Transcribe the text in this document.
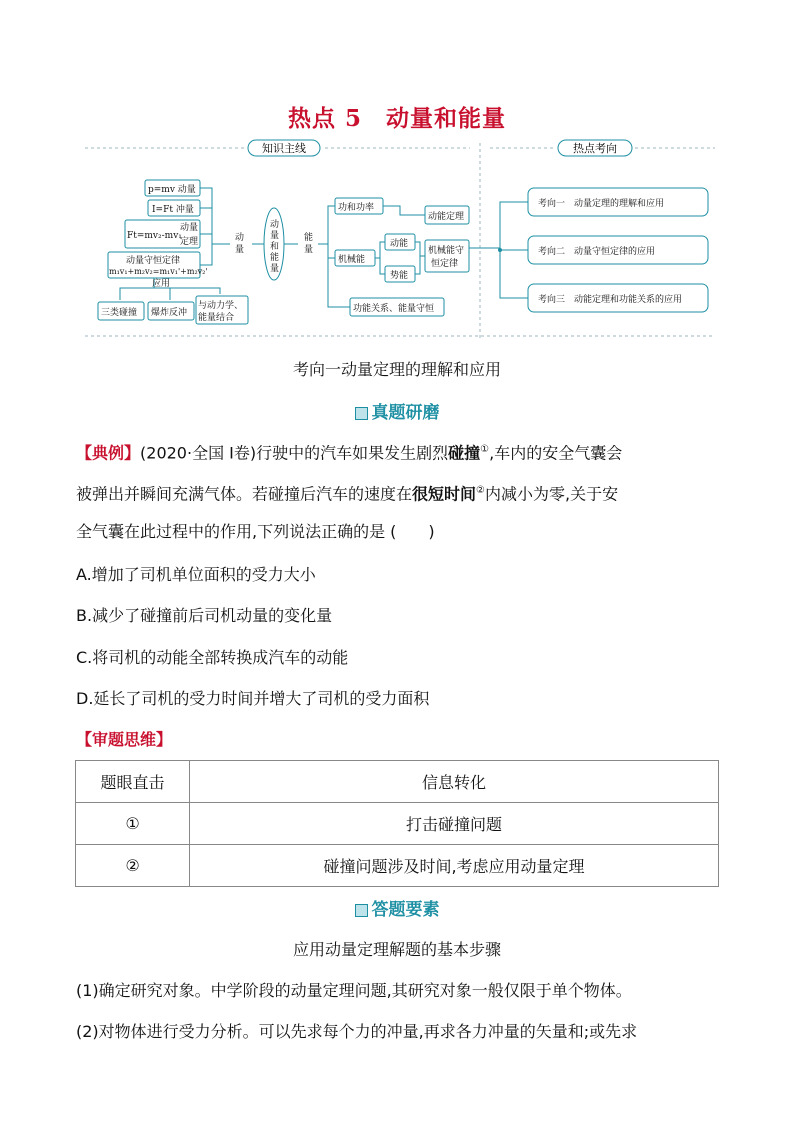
热点 5　动量和能量
知识主线	热点考向
p=mv 动量
I=Ft 冲量
Ft=mv₂-mv₁
动量
定理
动量守恒定律
m₁v₁+m₂v₂=m₁v₁'+m₂v₂'
应用
三类碰撞 爆炸反冲
与动力学、
能量结合
动
量
动
量
和
能
量
能
量
功和功率
机械能
动能
势能
功能关系、能量守恒
动能定理
机械能守
恒定律
考向一　动量定理的理解和应用
考向二　动量守恒定律的应用
考向三　动能定理和功能关系的应用
考向一动量定理的理解和应用
真题研磨
【典例】(2020·全国 Ⅰ卷)行驶中的汽车如果发生剧烈碰撞①,车内的安全气囊会
被弹出并瞬间充满气体。若碰撞后汽车的速度在很短时间②内减小为零,关于安
全气囊在此过程中的作用,下列说法正确的是 (　　)
A.增加了司机单位面积的受力大小
B.减少了碰撞前后司机动量的变化量
C.将司机的动能全部转换成汽车的动能
D.延长了司机的受力时间并增大了司机的受力面积
【审题思维】
题眼直击	信息转化
①	打击碰撞问题
②	碰撞问题涉及时间,考虑应用动量定理
答题要素
应用动量定理解题的基本步骤
(1)确定研究对象。中学阶段的动量定理问题,其研究对象一般仅限于单个物体。
(2)对物体进行受力分析。可以先求每个力的冲量,再求各力冲量的矢量和;或先求
